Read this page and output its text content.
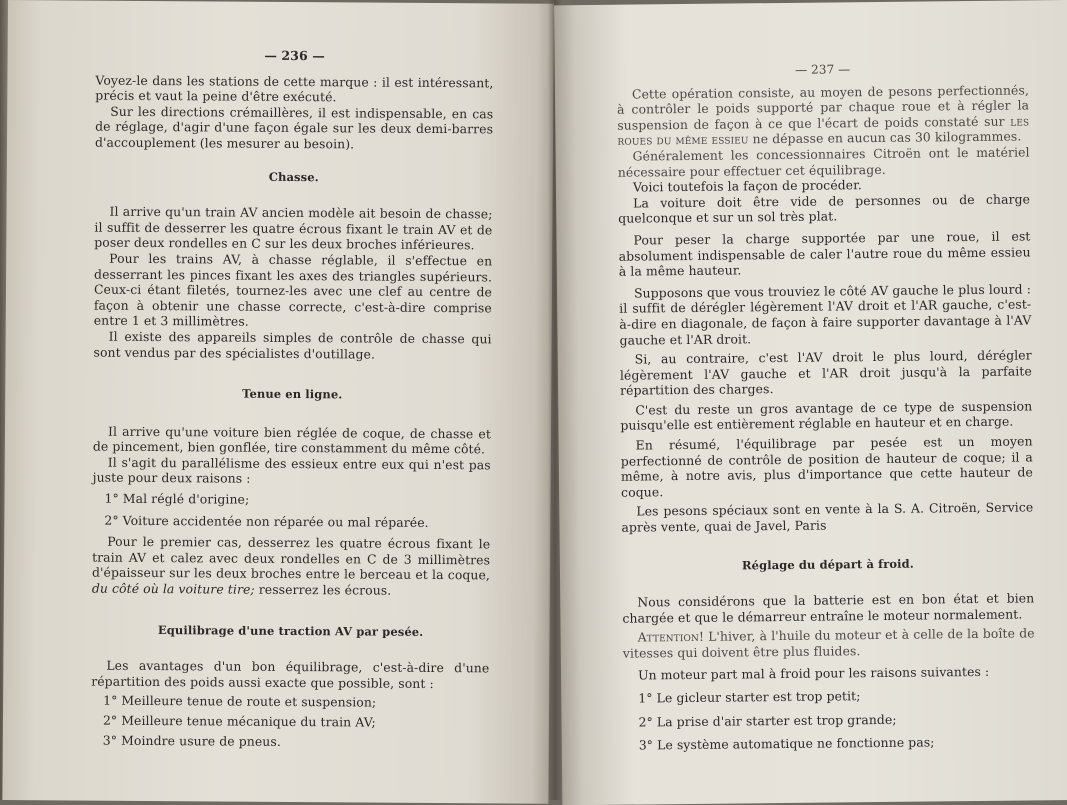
— 236 —

Voyez-le dans les stations de cette marque : il est intéressant, précis et vaut la peine d'être exécuté.

Sur les directions crémaillères, il est indispensable, en cas de réglage, d'agir d'une façon égale sur les deux demi-barres d'accouplement (les mesurer au besoin).

Chasse.

Il arrive qu'un train AV ancien modèle ait besoin de chasse; il suffit de desserrer les quatre écrous fixant le train AV et de poser deux rondelles en C sur les deux broches inférieures.

Pour les trains AV, à chasse réglable, il s'effectue en desserrant les pinces fixant les axes des triangles supérieurs. Ceux-ci étant filetés, tournez-les avec une clef au centre de façon à obtenir une chasse correcte, c'est-à-dire comprise entre 1 et 3 millimètres.

Il existe des appareils simples de contrôle de chasse qui sont vendus par des spécialistes d'outillage.

Tenue en ligne.

Il arrive qu'une voiture bien réglée de coque, de chasse et de pincement, bien gonflée, tire constamment du même côté.

Il s'agit du parallélisme des essieux entre eux qui n'est pas juste pour deux raisons :

1° Mal réglé d'origine;

2° Voiture accidentée non réparée ou mal réparée.

Pour le premier cas, desserrez les quatre écrous fixant le train AV et calez avec deux rondelles en C de 3 millimètres d'épaisseur sur les deux broches entre le berceau et la coque, du côté où la voiture tire; resserrez les écrous.

Equilibrage d'une traction AV par pesée.

Les avantages d'un bon équilibrage, c'est-à-dire d'une répartition des poids aussi exacte que possible, sont :

1° Meilleure tenue de route et suspension;

2° Meilleure tenue mécanique du train AV;

3° Moindre usure de pneus.

— 237 —

Cette opération consiste, au moyen de pesons perfectionnés, à contrôler le poids supporté par chaque roue et à régler la suspension de façon à ce que l'écart de poids constaté sur les roues du même essieu ne dépasse en aucun cas 30 kilogrammes.

Généralement les concessionnaires Citroën ont le matériel nécessaire pour effectuer cet équilibrage.

Voici toutefois la façon de procéder.

La voiture doit être vide de personnes ou de charge quelconque et sur un sol très plat.

Pour peser la charge supportée par une roue, il est absolument indispensable de caler l'autre roue du même essieu à la même hauteur.

Supposons que vous trouviez le côté AV gauche le plus lourd : il suffit de dérégler légèrement l'AV droit et l'AR gauche, c'est-à-dire en diagonale, de façon à faire supporter davantage à l'AV gauche et l'AR droit.

Si, au contraire, c'est l'AV droit le plus lourd, dérégler légèrement l'AV gauche et l'AR droit jusqu'à la parfaite répartition des charges.

C'est du reste un gros avantage de ce type de suspension puisqu'elle est entièrement réglable en hauteur et en charge.

En résumé, l'équilibrage par pesée est un moyen perfectionné de contrôle de position de hauteur de coque; il a même, à notre avis, plus d'importance que cette hauteur de coque.

Les pesons spéciaux sont en vente à la S. A. Citroën, Service après vente, quai de Javel, Paris

Réglage du départ à froid.

Nous considérons que la batterie est en bon état et bien chargée et que le démarreur entraîne le moteur normalement.

Attention! L'hiver, à l'huile du moteur et à celle de la boîte de vitesses qui doivent être plus fluides.

Un moteur part mal à froid pour les raisons suivantes :

1° Le gicleur starter est trop petit;

2° La prise d'air starter est trop grande;

3° Le système automatique ne fonctionne pas;
